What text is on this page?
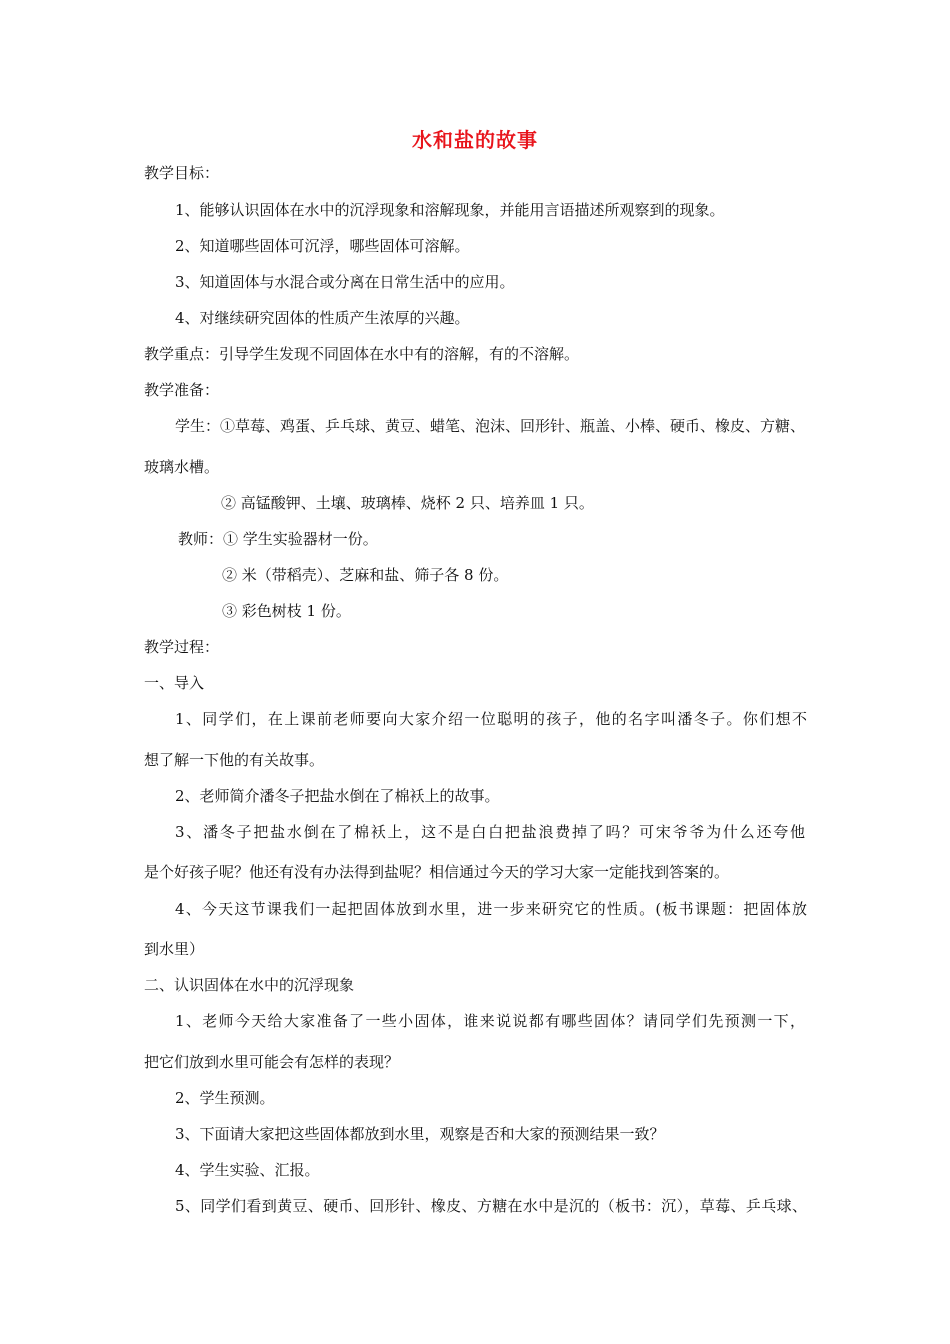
水和盐的故事
教学目标：
1、能够认识固体在水中的沉浮现象和溶解现象，并能用言语描述所观察到的现象。
2、知道哪些固体可沉浮，哪些固体可溶解。
3、知道固体与水混合或分离在日常生活中的应用。
4、对继续研究固体的性质产生浓厚的兴趣。
教学重点：引导学生发现不同固体在水中有的溶解，有的不溶解。
教学准备：
学生：①草莓、鸡蛋、乒乓球、黄豆、蜡笔、泡沫、回形针、瓶盖、小棒、硬币、橡皮、方糖、
玻璃水槽。
② 高锰酸钾、土壤、玻璃棒、烧杯 2 只、培养皿 1 只。
教师：① 学生实验器材一份。
② 米（带稻壳）、芝麻和盐、筛子各 8 份。
③ 彩色树枝 1 份。
教学过程：
一、导入
1、同学们，在上课前老师要向大家介绍一位聪明的孩子，他的名字叫潘冬子。你们想不
想了解一下他的有关故事。
2、老师简介潘冬子把盐水倒在了棉袄上的故事。
3、潘冬子把盐水倒在了棉袄上，这不是白白把盐浪费掉了吗？可宋爷爷为什么还夸他
是个好孩子呢？他还有没有办法得到盐呢？相信通过今天的学习大家一定能找到答案的。
4、今天这节课我们一起把固体放到水里，进一步来研究它的性质。(板书课题：把固体放
到水里）
二、认识固体在水中的沉浮现象
1、老师今天给大家准备了一些小固体，谁来说说都有哪些固体？请同学们先预测一下，
把它们放到水里可能会有怎样的表现？
2、学生预测。
3、下面请大家把这些固体都放到水里，观察是否和大家的预测结果一致？
4、学生实验、汇报。
5、同学们看到黄豆、硬币、回形针、橡皮、方糖在水中是沉的（板书：沉），草莓、乒乓球、
